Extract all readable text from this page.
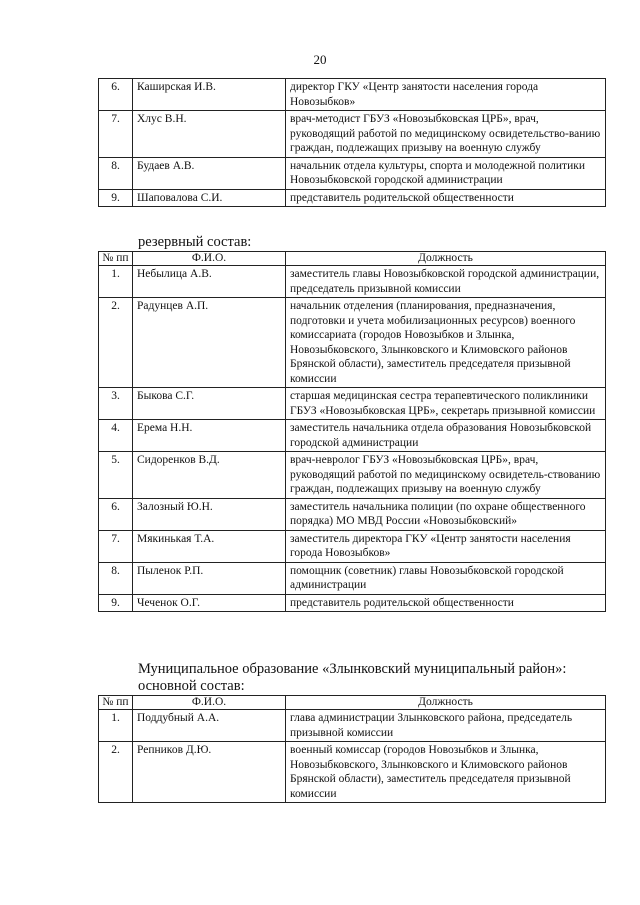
20
6.	Каширская И.В.	директор ГКУ «Центр занятости населения города Новозыбков»
7.	Хлус В.Н.	врач-методист ГБУЗ «Новозыбковская ЦРБ», врач, руководящий работой по медицинскому освидетельство-ванию граждан, подлежащих призыву на военную службу
8.	Будаев А.В.	начальник отдела культуры, спорта и молодежной политики Новозыбковской городской администрации
9.	Шаповалова С.И.	представитель родительской общественности
резервный состав:
№ пп	Ф.И.О.	Должность
1.	Небылица А.В.	заместитель главы Новозыбковской городской администрации, председатель призывной комиссии
2.	Радунцев А.П.	начальник отделения (планирования, предназначения, подготовки и учета мобилизационных ресурсов) военного комиссариата (городов Новозыбков и Злынка, Новозыбковского, Злынковского и Климовского районов Брянской области), заместитель председателя призывной комиссии
3.	Быкова С.Г.	старшая медицинская сестра терапевтического поликлиники ГБУЗ «Новозыбковская ЦРБ», секретарь призывной комиссии
4.	Ерема Н.Н.	заместитель начальника отдела образования Новозыбковской городской администрации
5.	Сидоренков В.Д.	врач-невролог ГБУЗ «Новозыбковская ЦРБ», врач, руководящий работой по медицинскому освидетель-ствованию граждан, подлежащих призыву на военную службу
6.	Залозный Ю.Н.	заместитель начальника полиции (по охране общественного порядка) МО МВД России «Новозыбковский»
7.	Мякинькая Т.А.	заместитель директора ГКУ «Центр занятости населения города Новозыбков»
8.	Пыленок Р.П.	помощник (советник) главы Новозыбковской городской администрации
9.	Чеченок О.Г.	представитель родительской общественности
Муниципальное образование «Злынковский муниципальный район»:
основной состав:
№ пп	Ф.И.О.	Должность
1.	Поддубный А.А.	глава администрации Злынковского района, председатель призывной комиссии
2.	Репников Д.Ю.	военный комиссар (городов Новозыбков и Злынка, Новозыбковского, Злынковского и Климовского районов Брянской области), заместитель председателя призывной комиссии
